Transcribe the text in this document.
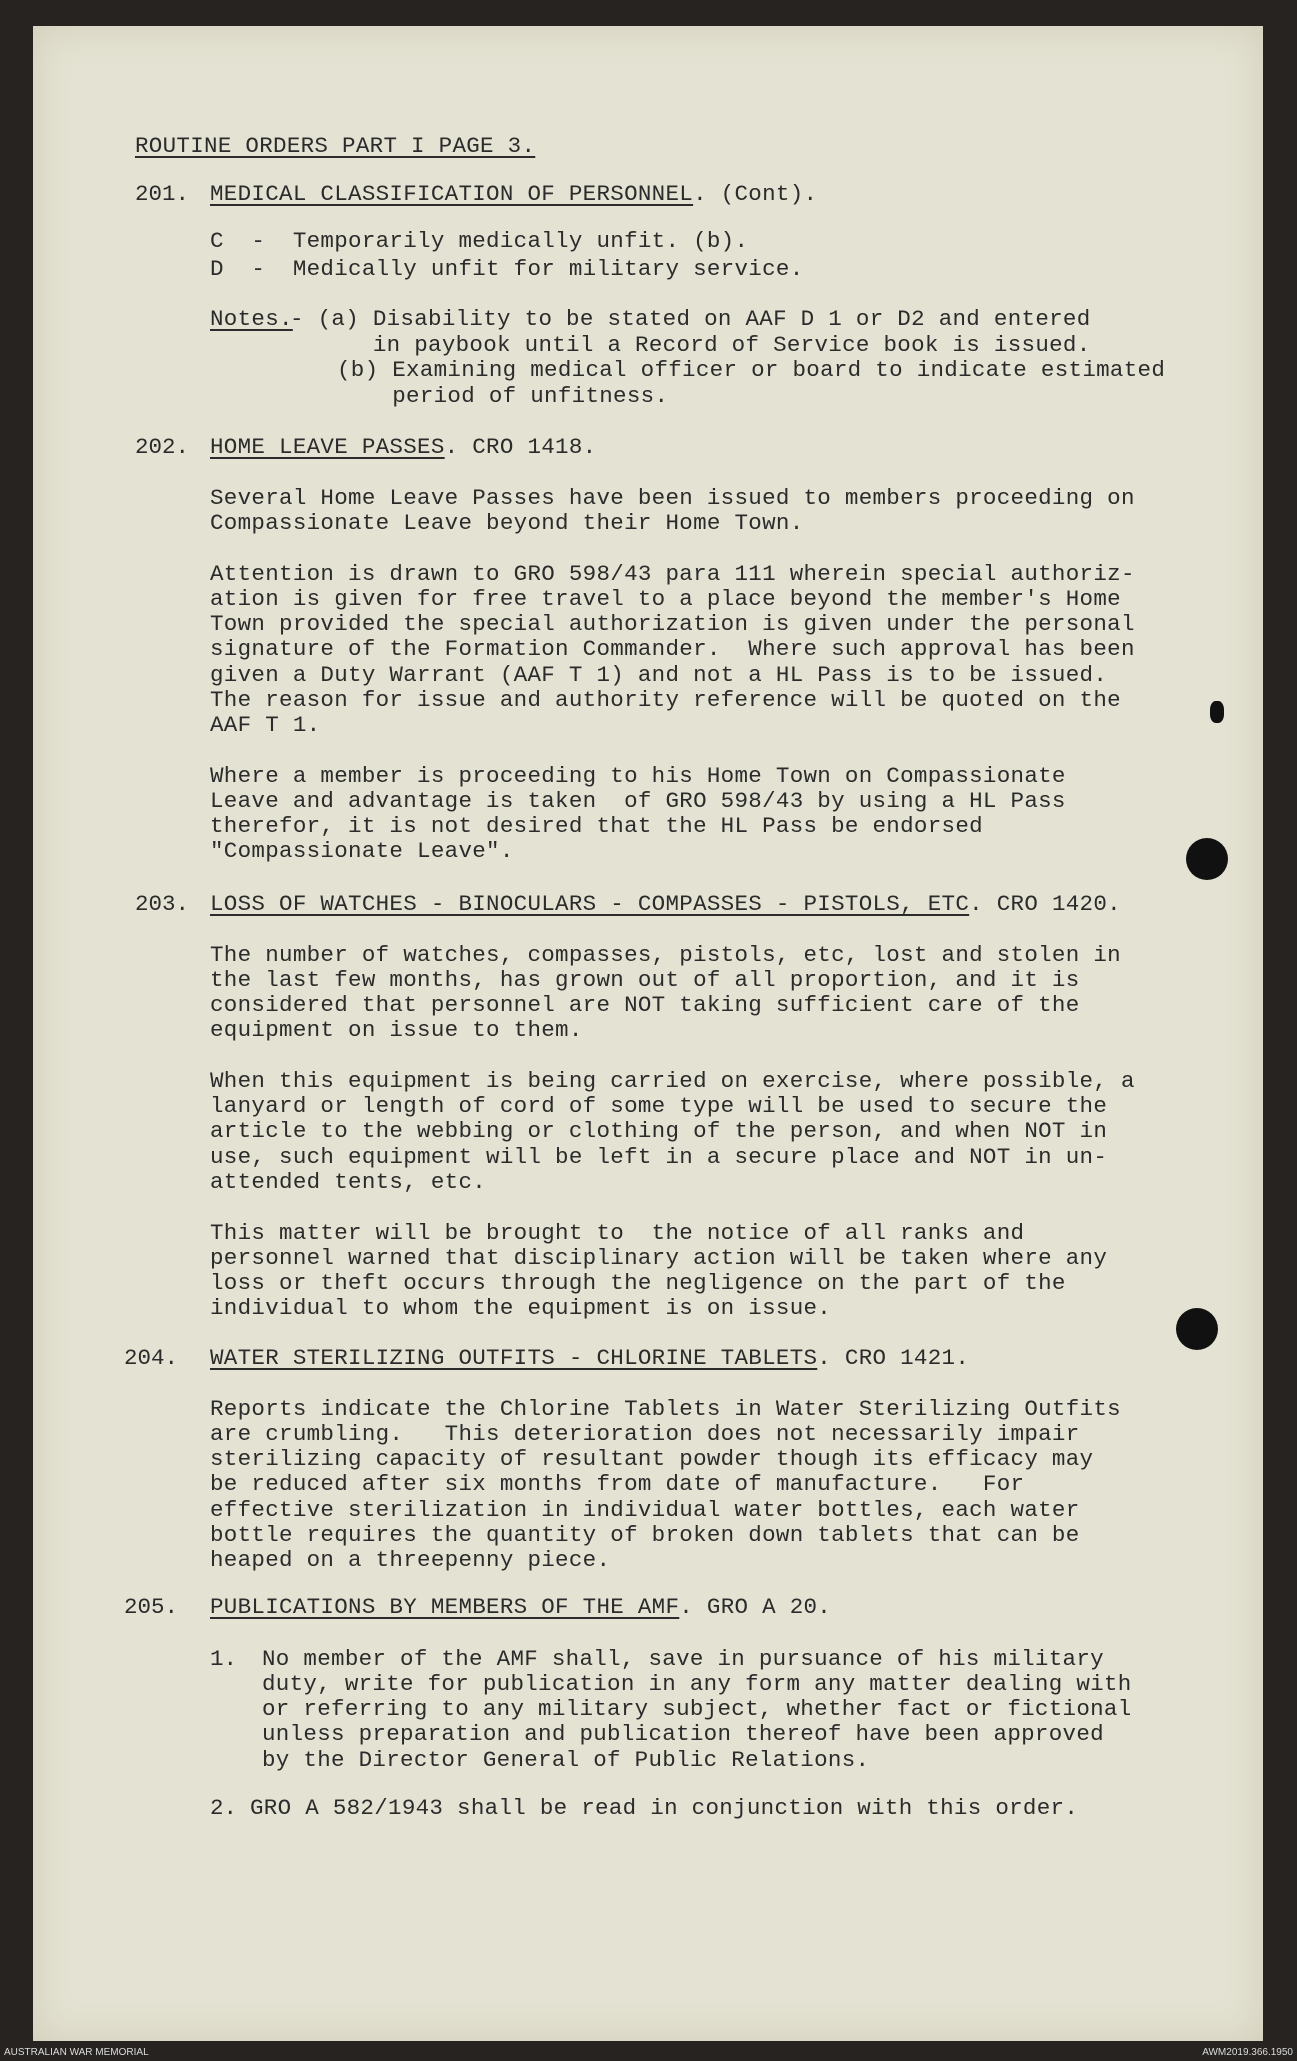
ROUTINE ORDERS PART I PAGE 3.
201. MEDICAL CLASSIFICATION OF PERSONNEL. (Cont).
C  -  Temporarily medically unfit. (b).
D  -  Medically unfit for military service.
Notes.
- (a) Disability to be stated on AAF D 1 or D2 and entered
in paybook until a Record of Service book is issued.
(b) Examining medical officer or board to indicate estimated
period of unfitness.
202. HOME LEAVE PASSES. CRO 1418.
Several Home Leave Passes have been issued to members proceeding on
Compassionate Leave beyond their Home Town.
Attention is drawn to GRO 598/43 para 111 wherein special authoriz-
ation is given for free travel to a place beyond the member's Home
Town provided the special authorization is given under the personal
signature of the Formation Commander.  Where such approval has been
given a Duty Warrant (AAF T 1) and not a HL Pass is to be issued.
The reason for issue and authority reference will be quoted on the
AAF T 1.
Where a member is proceeding to his Home Town on Compassionate
Leave and advantage is taken  of GRO 598/43 by using a HL Pass
therefor, it is not desired that the HL Pass be endorsed
"Compassionate Leave".
203. LOSS OF WATCHES - BINOCULARS - COMPASSES - PISTOLS, ETC. CRO 1420.
The number of watches, compasses, pistols, etc, lost and stolen in
the last few months, has grown out of all proportion, and it is
considered that personnel are NOT taking sufficient care of the
equipment on issue to them.
When this equipment is being carried on exercise, where possible, a
lanyard or length of cord of some type will be used to secure the
article to the webbing or clothing of the person, and when NOT in
use, such equipment will be left in a secure place and NOT in un-
attended tents, etc.
This matter will be brought to  the notice of all ranks and
personnel warned that disciplinary action will be taken where any
loss or theft occurs through the negligence on the part of the
individual to whom the equipment is on issue.
204. WATER STERILIZING OUTFITS - CHLORINE TABLETS. CRO 1421.
Reports indicate the Chlorine Tablets in Water Sterilizing Outfits
are crumbling.   This deterioration does not necessarily impair
sterilizing capacity of resultant powder though its efficacy may
be reduced after six months from date of manufacture.   For
effective sterilization in individual water bottles, each water
bottle requires the quantity of broken down tablets that can be
heaped on a threepenny piece.
205. PUBLICATIONS BY MEMBERS OF THE AMF. GRO A 20.
1. No member of the AMF shall, save in pursuance of his military
duty, write for publication in any form any matter dealing with
or referring to any military subject, whether fact or fictional
unless preparation and publication thereof have been approved
by the Director General of Public Relations.
2. GRO A 582/1943 shall be read in conjunction with this order.
AUSTRALIAN WAR MEMORIAL	AWM2019.366.1950
